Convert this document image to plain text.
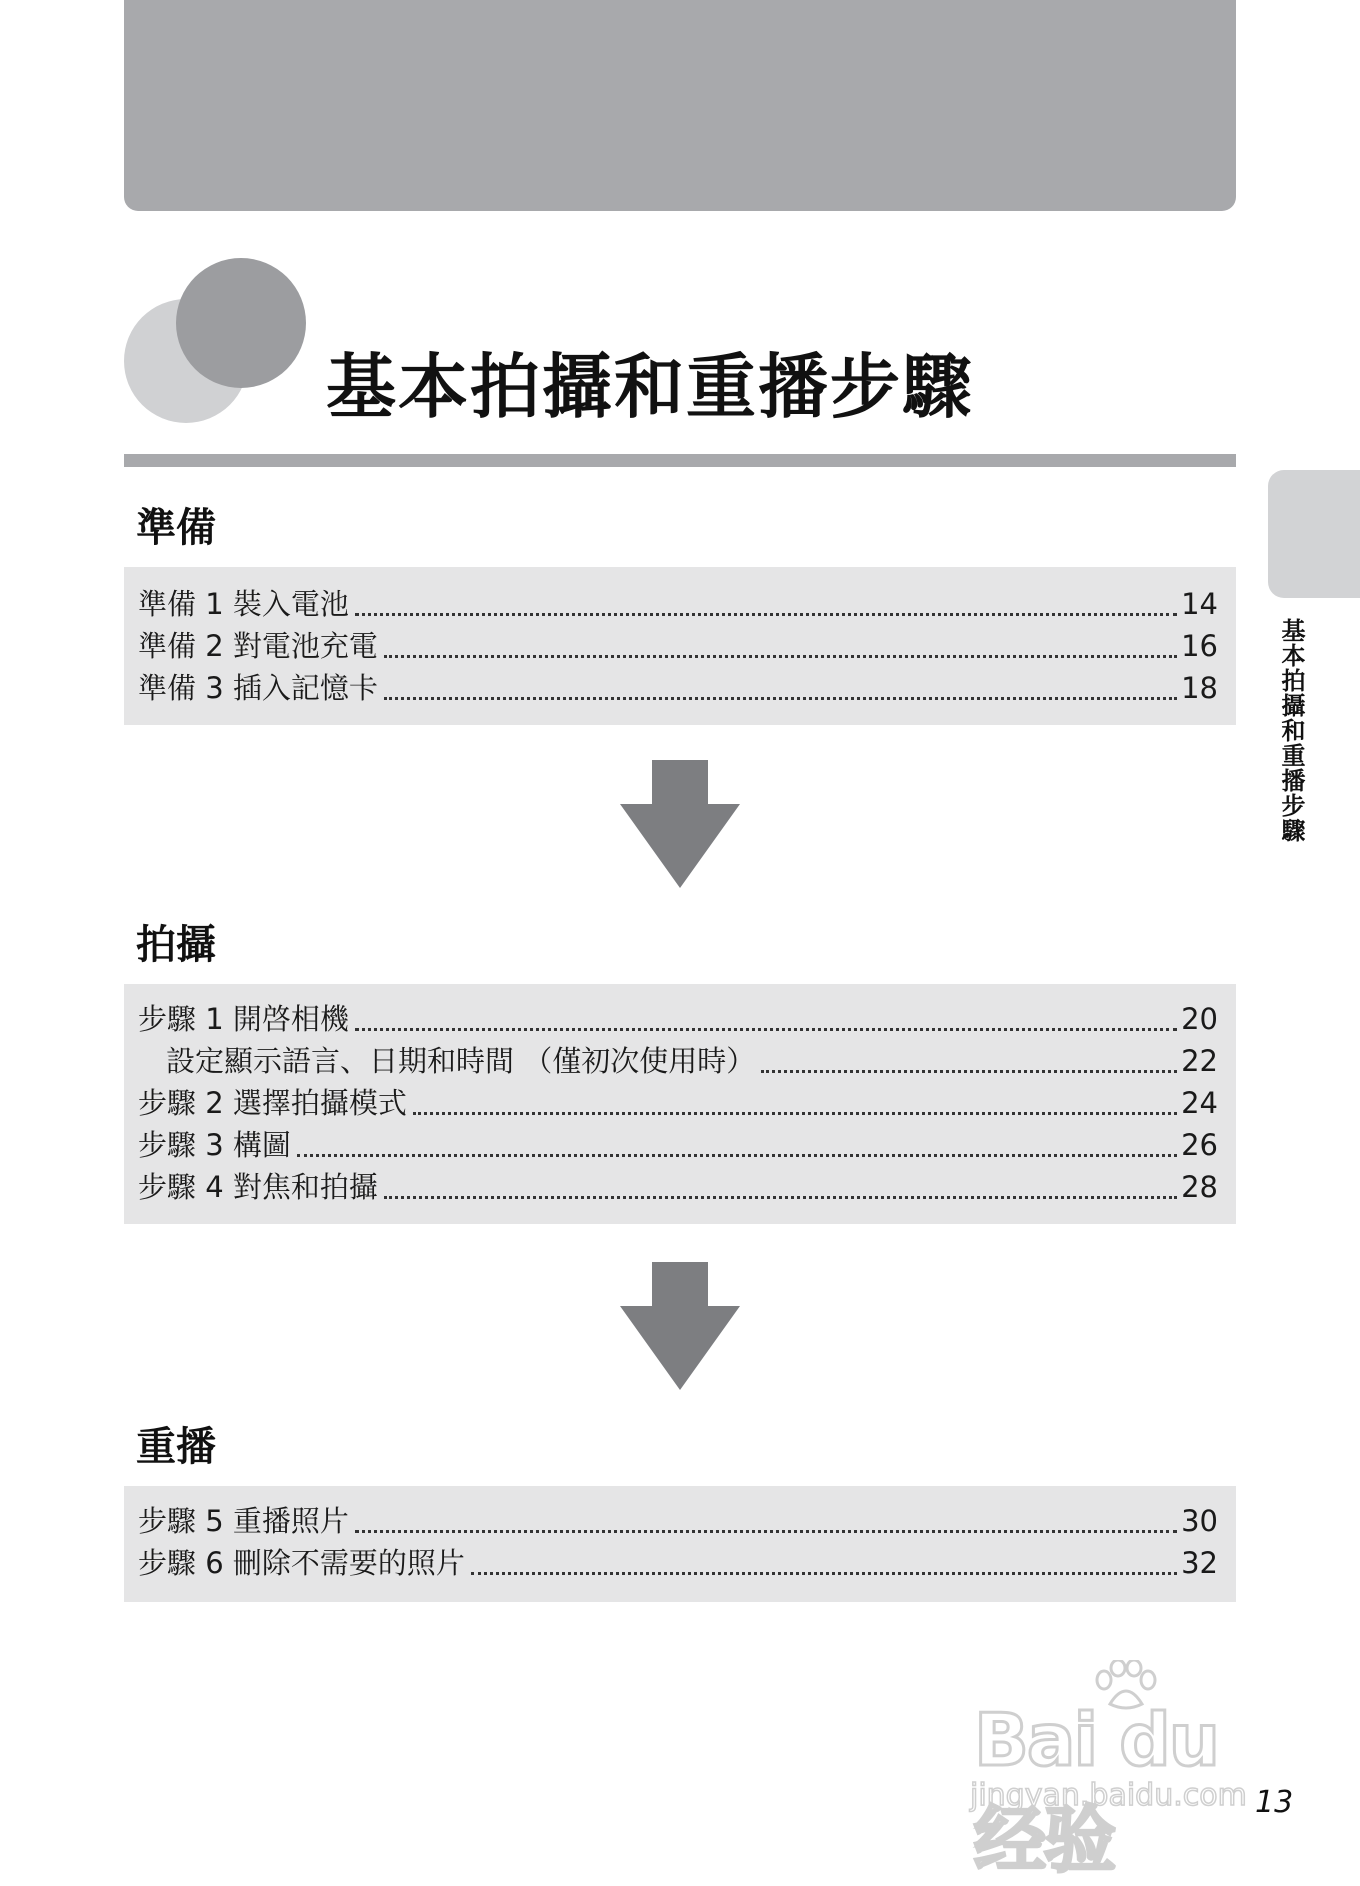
基本拍攝和重播步驟
準備
準備 1 裝入電池	14
準備 2 對電池充電	16
準備 3 插入記憶卡	18
拍攝
步驟 1 開啓相機	20
設定顯示語言、日期和時間 （僅初次使用時）	22
步驟 2 選擇拍攝模式	24
步驟 3 構圖	26
步驟 4 對焦和拍攝	28
重播
步驟 5 重播照片	30
步驟 6 刪除不需要的照片	32
基本拍攝和重播步驟
Bai du 经验
jingyan.baidu.com 13
